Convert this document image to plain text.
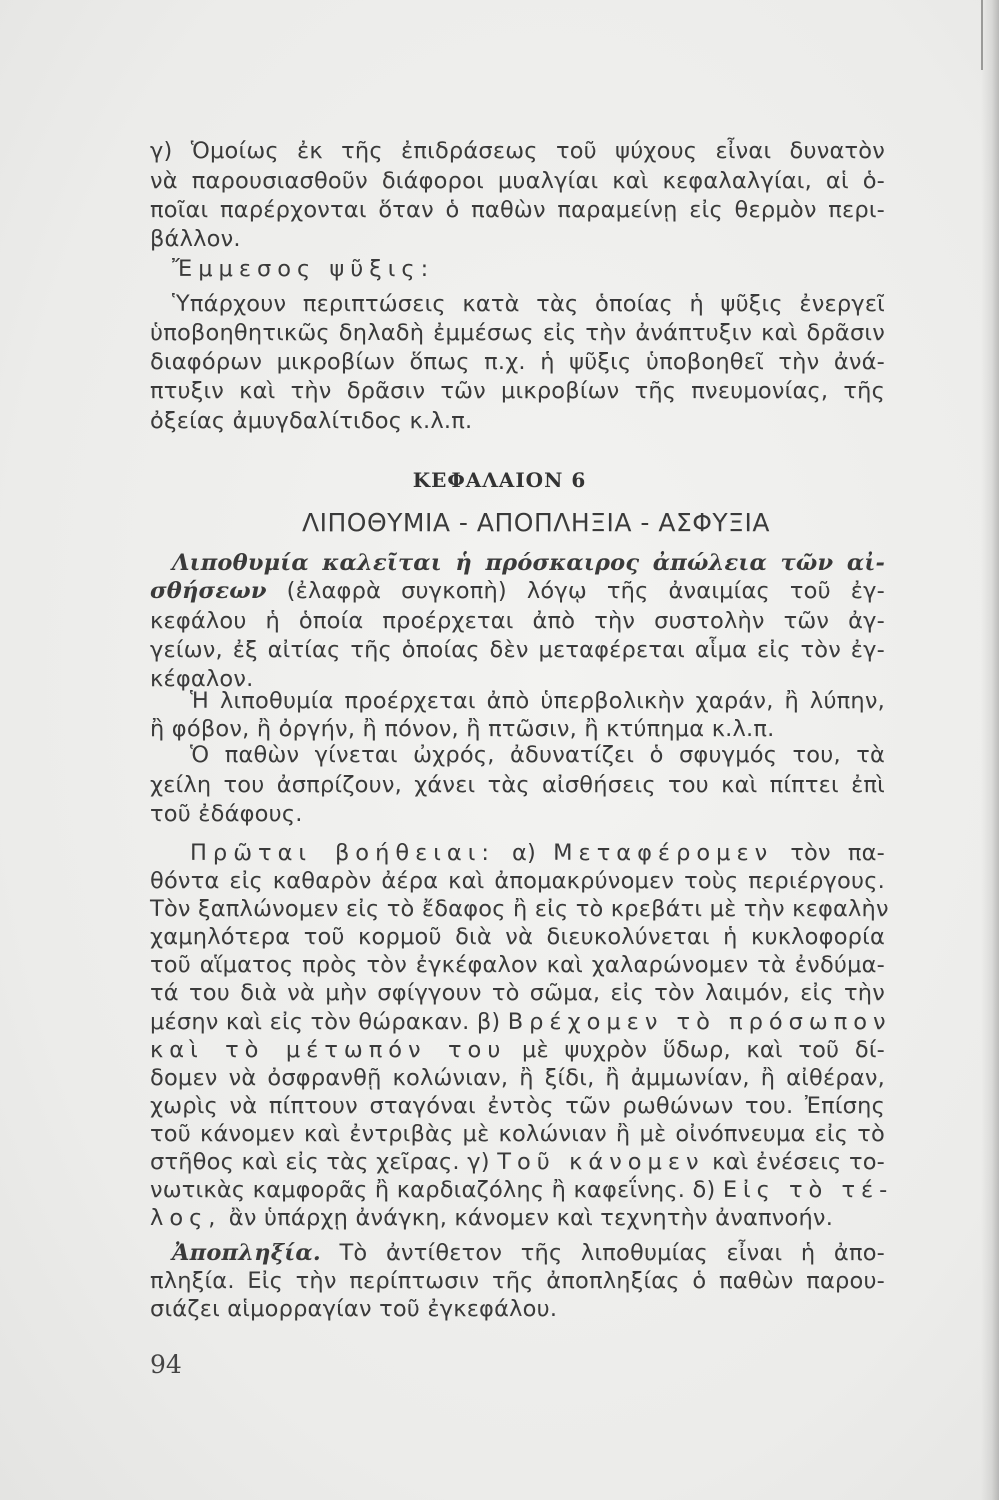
γ) Ὁμοίως ἐκ τῆς ἐπιδράσεως τοῦ ψύχους εἶναι δυνατὸν
νὰ παρουσιασθοῦν διάφοροι μυαλγίαι καὶ κεφαλαλγίαι, αἱ ὁ-
ποῖαι παρέρχονται ὅταν ὁ παθὼν παραμείνῃ εἰς θερμὸν περι-
βάλλον.
Ἔμμεσος ψῦξις:
Ὑπάρχουν περιπτώσεις κατὰ τὰς ὁποίας ἡ ψῦξις ἐνεργεῖ
ὑποβοηθητικῶς δηλαδὴ ἐμμέσως εἰς τὴν ἀνάπτυξιν καὶ δρᾶσιν
διαφόρων μικροβίων ὅπως π.χ. ἡ ψῦξις ὑποβοηθεῖ τὴν ἀνά-
πτυξιν καὶ τὴν δρᾶσιν τῶν μικροβίων τῆς πνευμονίας, τῆς
ὀξείας ἀμυγδαλίτιδος κ.λ.π.
ΚΕΦΑΛΑΙΟΝ 6
ΛΙΠΟΘΥΜΙΑ - ΑΠΟΠΛΗΞΙΑ - ΑΣΦΥΞΙΑ
Λιποθυμία καλεῖται ἡ πρόσκαιρος ἀπώλεια τῶν αἰ-
σθήσεων (ἐλαφρὰ συγκοπὴ) λόγῳ τῆς ἀναιμίας τοῦ ἐγ-
κεφάλου ἡ ὁποία προέρχεται ἀπὸ τὴν συστολὴν τῶν ἀγ-
γείων, ἐξ αἰτίας τῆς ὁποίας δὲν μεταφέρεται αἷμα εἰς τὸν ἐγ-
κέφαλον.
Ἡ λιποθυμία προέρχεται ἀπὸ ὑπερβολικὴν χαράν, ἢ λύπην,
ἢ φόβον, ἢ ὀργήν, ἢ πόνον, ἢ πτῶσιν, ἢ κτύπημα κ.λ.π.
Ὁ παθὼν γίνεται ὠχρός, ἀδυνατίζει ὁ σφυγμός του, τὰ
χείλη του ἀσπρίζουν, χάνει τὰς αἰσθήσεις του καὶ πίπτει ἐπὶ
τοῦ ἐδάφους.
Πρῶται βοήθειαι: α) Μεταφέρομεν τὸν πα-
θόντα εἰς καθαρὸν ἀέρα καὶ ἀπομακρύνομεν τοὺς περιέργους.
Τὸν ξαπλώνομεν εἰς τὸ ἔδαφος ἢ εἰς τὸ κρεβάτι μὲ τὴν κεφαλὴν
χαμηλότερα τοῦ κορμοῦ διὰ νὰ διευκολύνεται ἡ κυκλοφορία
τοῦ αἵματος πρὸς τὸν ἐγκέφαλον καὶ χαλαρώνομεν τὰ ἐνδύμα-
τά του διὰ νὰ μὴν σφίγγουν τὸ σῶμα, εἰς τὸν λαιμόν, εἰς τὴν
μέσην καὶ εἰς τὸν θώρακαν. β) Βρέχομεν τὸ πρόσωπον
καὶ τὸ μέτωπόν του μὲ ψυχρὸν ὕδωρ, καὶ τοῦ δί-
δομεν νὰ ὀσφρανθῇ κολώνιαν, ἢ ξίδι, ἢ ἀμμωνίαν, ἢ αἰθέραν,
χωρὶς νὰ πίπτουν σταγόναι ἐντὸς τῶν ρωθώνων του. Ἐπίσης
τοῦ κάνομεν καὶ ἐντριβὰς μὲ κολώνιαν ἢ μὲ οἰνόπνευμα εἰς τὸ
στῆθος καὶ εἰς τὰς χεῖρας. γ) Τοῦ κάνομεν καὶ ἐνέσεις το-
νωτικὰς καμφορᾶς ἢ καρδιαζόλης ἢ καφεΐνης. δ) Εἰς τὸ τέ-
λος, ἂν ὑπάρχῃ ἀνάγκη, κάνομεν καὶ τεχνητὴν ἀναπνοήν.
Ἀποπληξία. Τὸ ἀντίθετον τῆς λιποθυμίας εἶναι ἡ ἀπο-
πληξία. Εἰς τὴν περίπτωσιν τῆς ἀποπληξίας ὁ παθὼν παρου-
σιάζει αἱμορραγίαν τοῦ ἐγκεφάλου.
94
